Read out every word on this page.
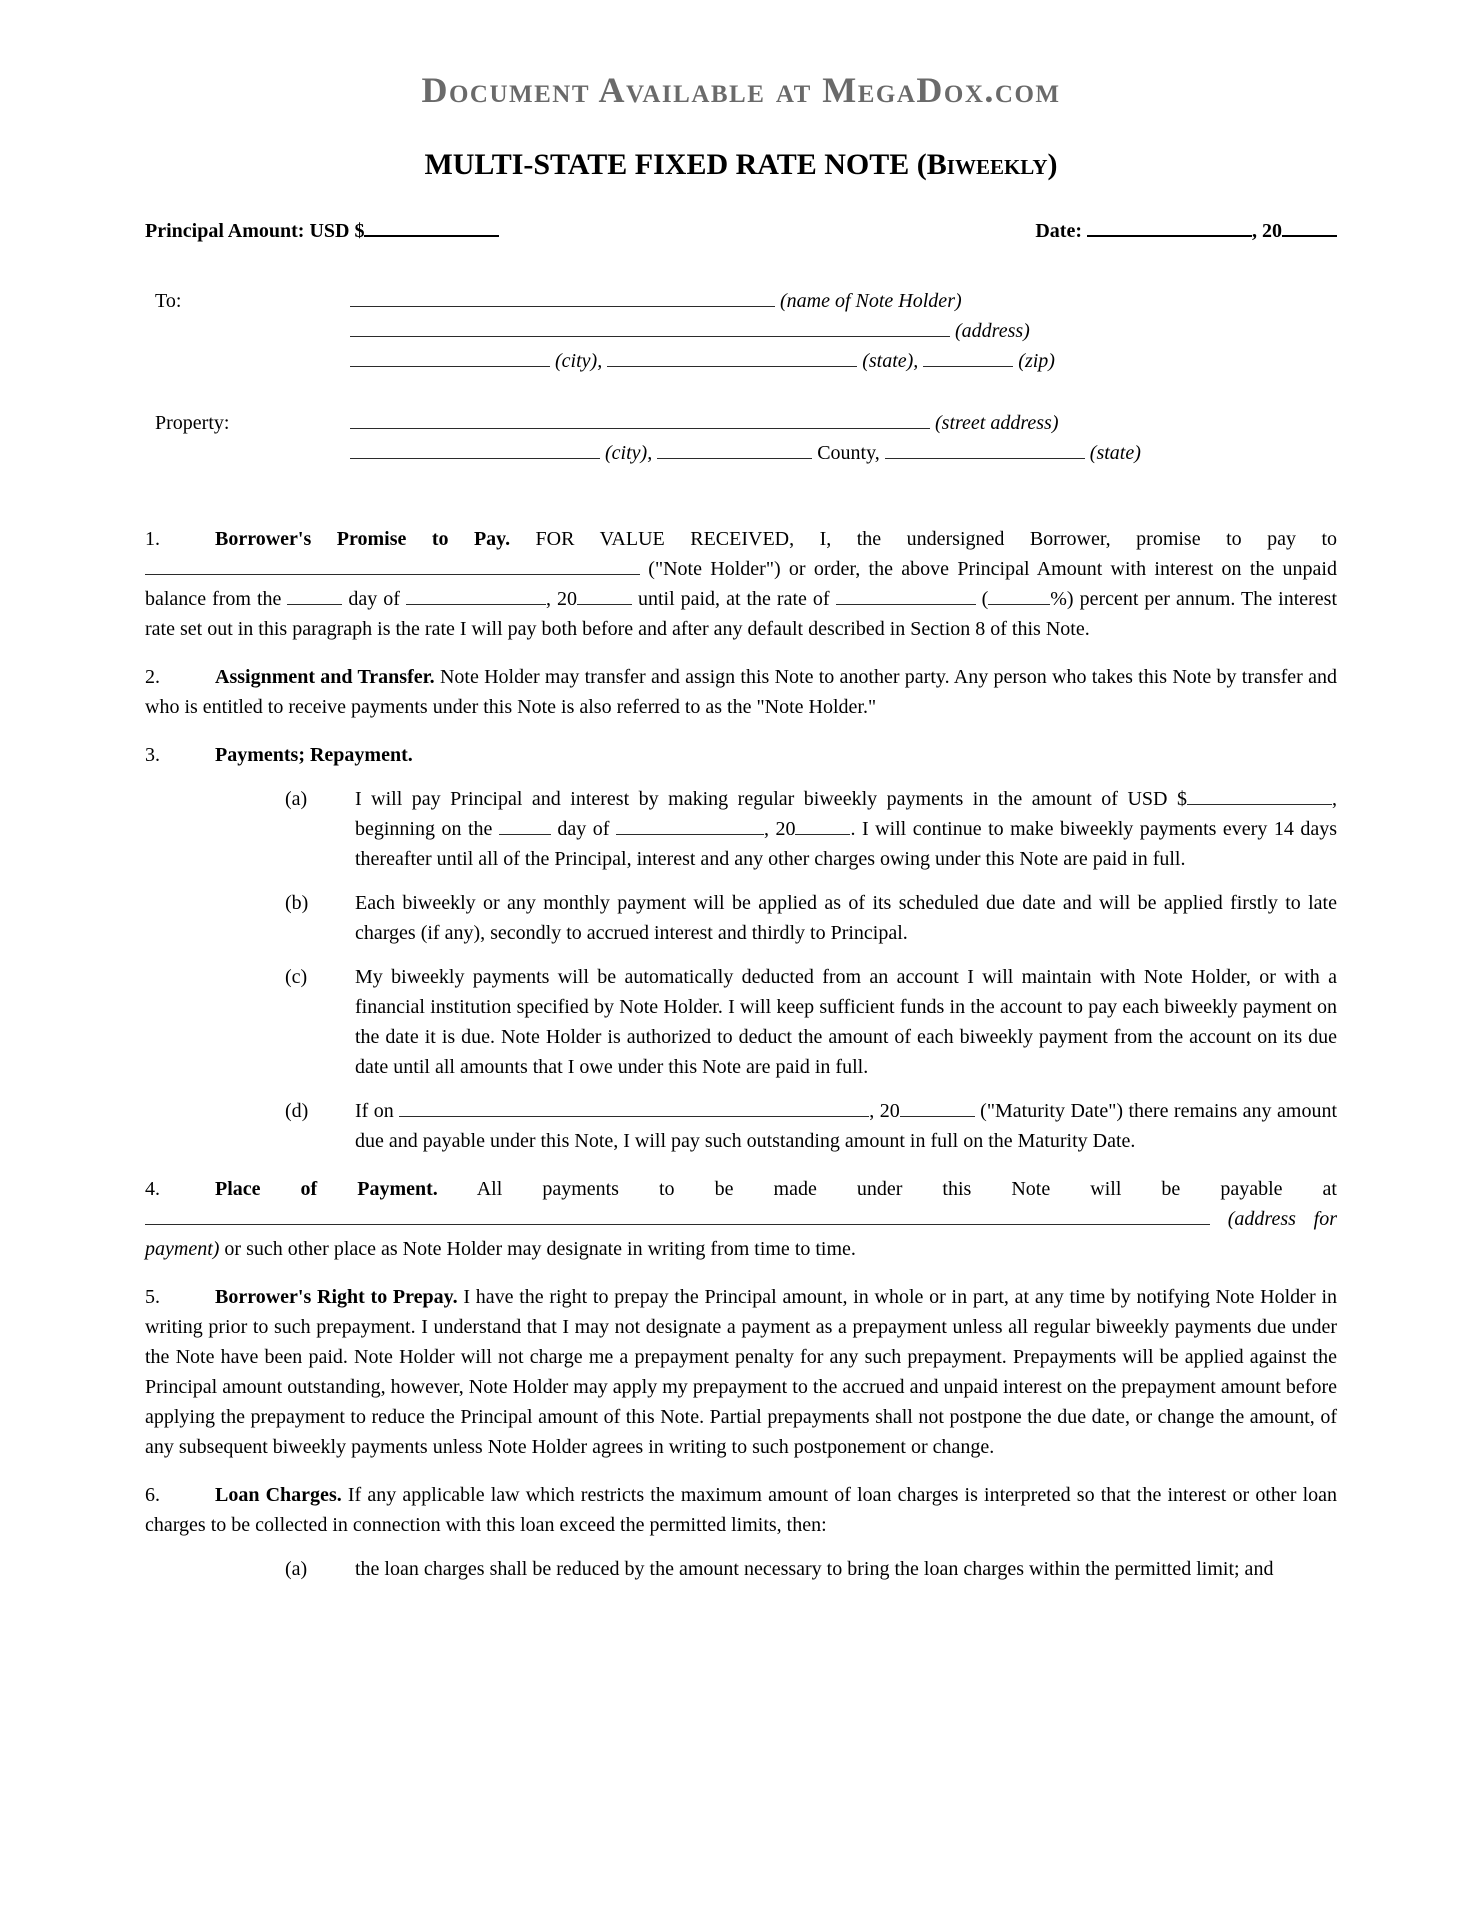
Document Available at MegaDox.com
MULTI-STATE FIXED RATE NOTE (Biweekly)
Principal Amount: USD $	Date:	, 20
To:	(name of Note Holder)
(address)
(city),	(state),	(zip)
Property:	(street address)
(city),	County,	(state)
1.	Borrower's Promise to Pay. FOR VALUE RECEIVED, I, the undersigned Borrower, promise to pay to  ("Note Holder") or order, the above Principal Amount with interest on the unpaid balance from the	day of	, 20	until paid, at the rate of	(	%) percent per annum. The interest rate set out in this paragraph is the rate I will pay both before and after any default described in Section 8 of this Note.
2.	Assignment and Transfer. Note Holder may transfer and assign this Note to another party. Any person who takes this Note by transfer and who is entitled to receive payments under this Note is also referred to as the "Note Holder."
3.	Payments; Repayment.
(a) I will pay Principal and interest by making regular biweekly payments in the amount of USD $	, beginning on the	day of	, 20	. I will continue to make biweekly payments every 14 days thereafter until all of the Principal, interest and any other charges owing under this Note are paid in full.
(b) Each biweekly or any monthly payment will be applied as of its scheduled due date and will be applied firstly to late charges (if any), secondly to accrued interest and thirdly to Principal.
(c) My biweekly payments will be automatically deducted from an account I will maintain with Note Holder, or with a financial institution specified by Note Holder. I will keep sufficient funds in the account to pay each biweekly payment on the date it is due. Note Holder is authorized to deduct the amount of each biweekly payment from the account on its due date until all amounts that I owe under this Note are paid in full.
(d) If on	, 20	("Maturity Date") there remains any amount due and payable under this Note, I will pay such outstanding amount in full on the Maturity Date.
4.	Place of Payment. All payments to be made under this Note will be payable at  (address for payment) or such other place as Note Holder may designate in writing from time to time.
5.	Borrower's Right to Prepay. I have the right to prepay the Principal amount, in whole or in part, at any time by notifying Note Holder in writing prior to such prepayment. I understand that I may not designate a payment as a prepayment unless all regular biweekly payments due under the Note have been paid. Note Holder will not charge me a prepayment penalty for any such prepayment. Prepayments will be applied against the Principal amount outstanding, however, Note Holder may apply my prepayment to the accrued and unpaid interest on the prepayment amount before applying the prepayment to reduce the Principal amount of this Note. Partial prepayments shall not postpone the due date, or change the amount, of any subsequent biweekly payments unless Note Holder agrees in writing to such postponement or change.
6.	Loan Charges. If any applicable law which restricts the maximum amount of loan charges is interpreted so that the interest or other loan charges to be collected in connection with this loan exceed the permitted limits, then:
(a) the loan charges shall be reduced by the amount necessary to bring the loan charges within the permitted limit; and
